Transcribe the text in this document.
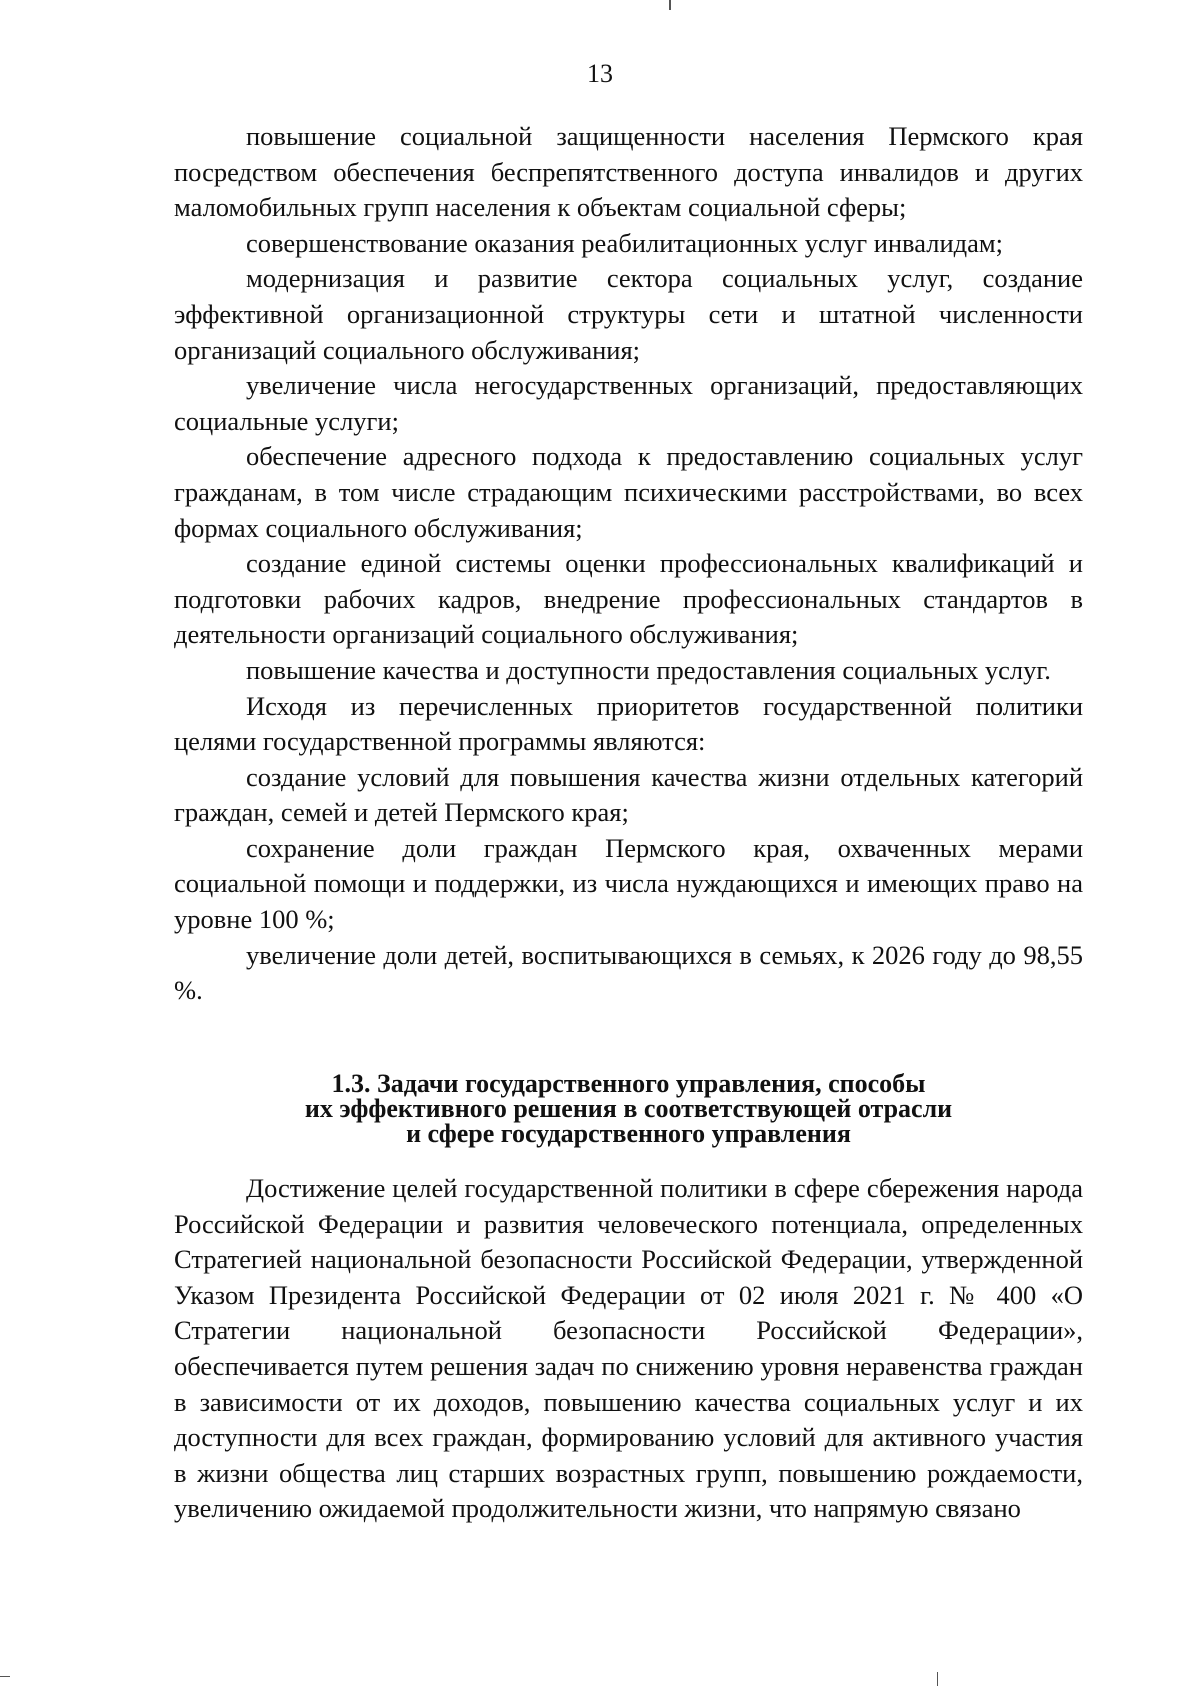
13

повышение социальной защищенности населения Пермского края посредством обеспечения беспрепятственного доступа инвалидов и других маломобильных групп населения к объектам социальной сферы;

совершенствование оказания реабилитационных услуг инвалидам;

модернизация и развитие сектора социальных услуг, создание эффективной организационной структуры сети и штатной численности организаций социального обслуживания;

увеличение числа негосударственных организаций, предоставляющих социальные услуги;

обеспечение адресного подхода к предоставлению социальных услуг гражданам, в том числе страдающим психическими расстройствами, во всех формах социального обслуживания;

создание единой системы оценки профессиональных квалификаций и подготовки рабочих кадров, внедрение профессиональных стандартов в деятельности организаций социального обслуживания;

повышение качества и доступности предоставления социальных услуг.

Исходя из перечисленных приоритетов государственной политики целями государственной программы являются:

создание условий для повышения качества жизни отдельных категорий граждан, семей и детей Пермского края;

сохранение доли граждан Пермского края, охваченных мерами социальной помощи и поддержки, из числа нуждающихся и имеющих право на уровне 100 %;

увеличение доли детей, воспитывающихся в семьях, к 2026 году до 98,55 %.

1.3. Задачи государственного управления, способы
их эффективного решения в соответствующей отрасли
и сфере государственного управления

Достижение целей государственной политики в сфере сбережения народа Российской Федерации и развития человеческого потенциала, определенных Стратегией национальной безопасности Российской Федерации, утвержденной Указом Президента Российской Федерации от 02 июля 2021 г. № 400 «О Стратегии национальной безопасности Российской Федерации», обеспечивается путем решения задач по снижению уровня неравенства граждан в зависимости от их доходов, повышению качества социальных услуг и их доступности для всех граждан, формированию условий для активного участия в жизни общества лиц старших возрастных групп, повышению рождаемости, увеличению ожидаемой продолжительности жизни, что напрямую связано
